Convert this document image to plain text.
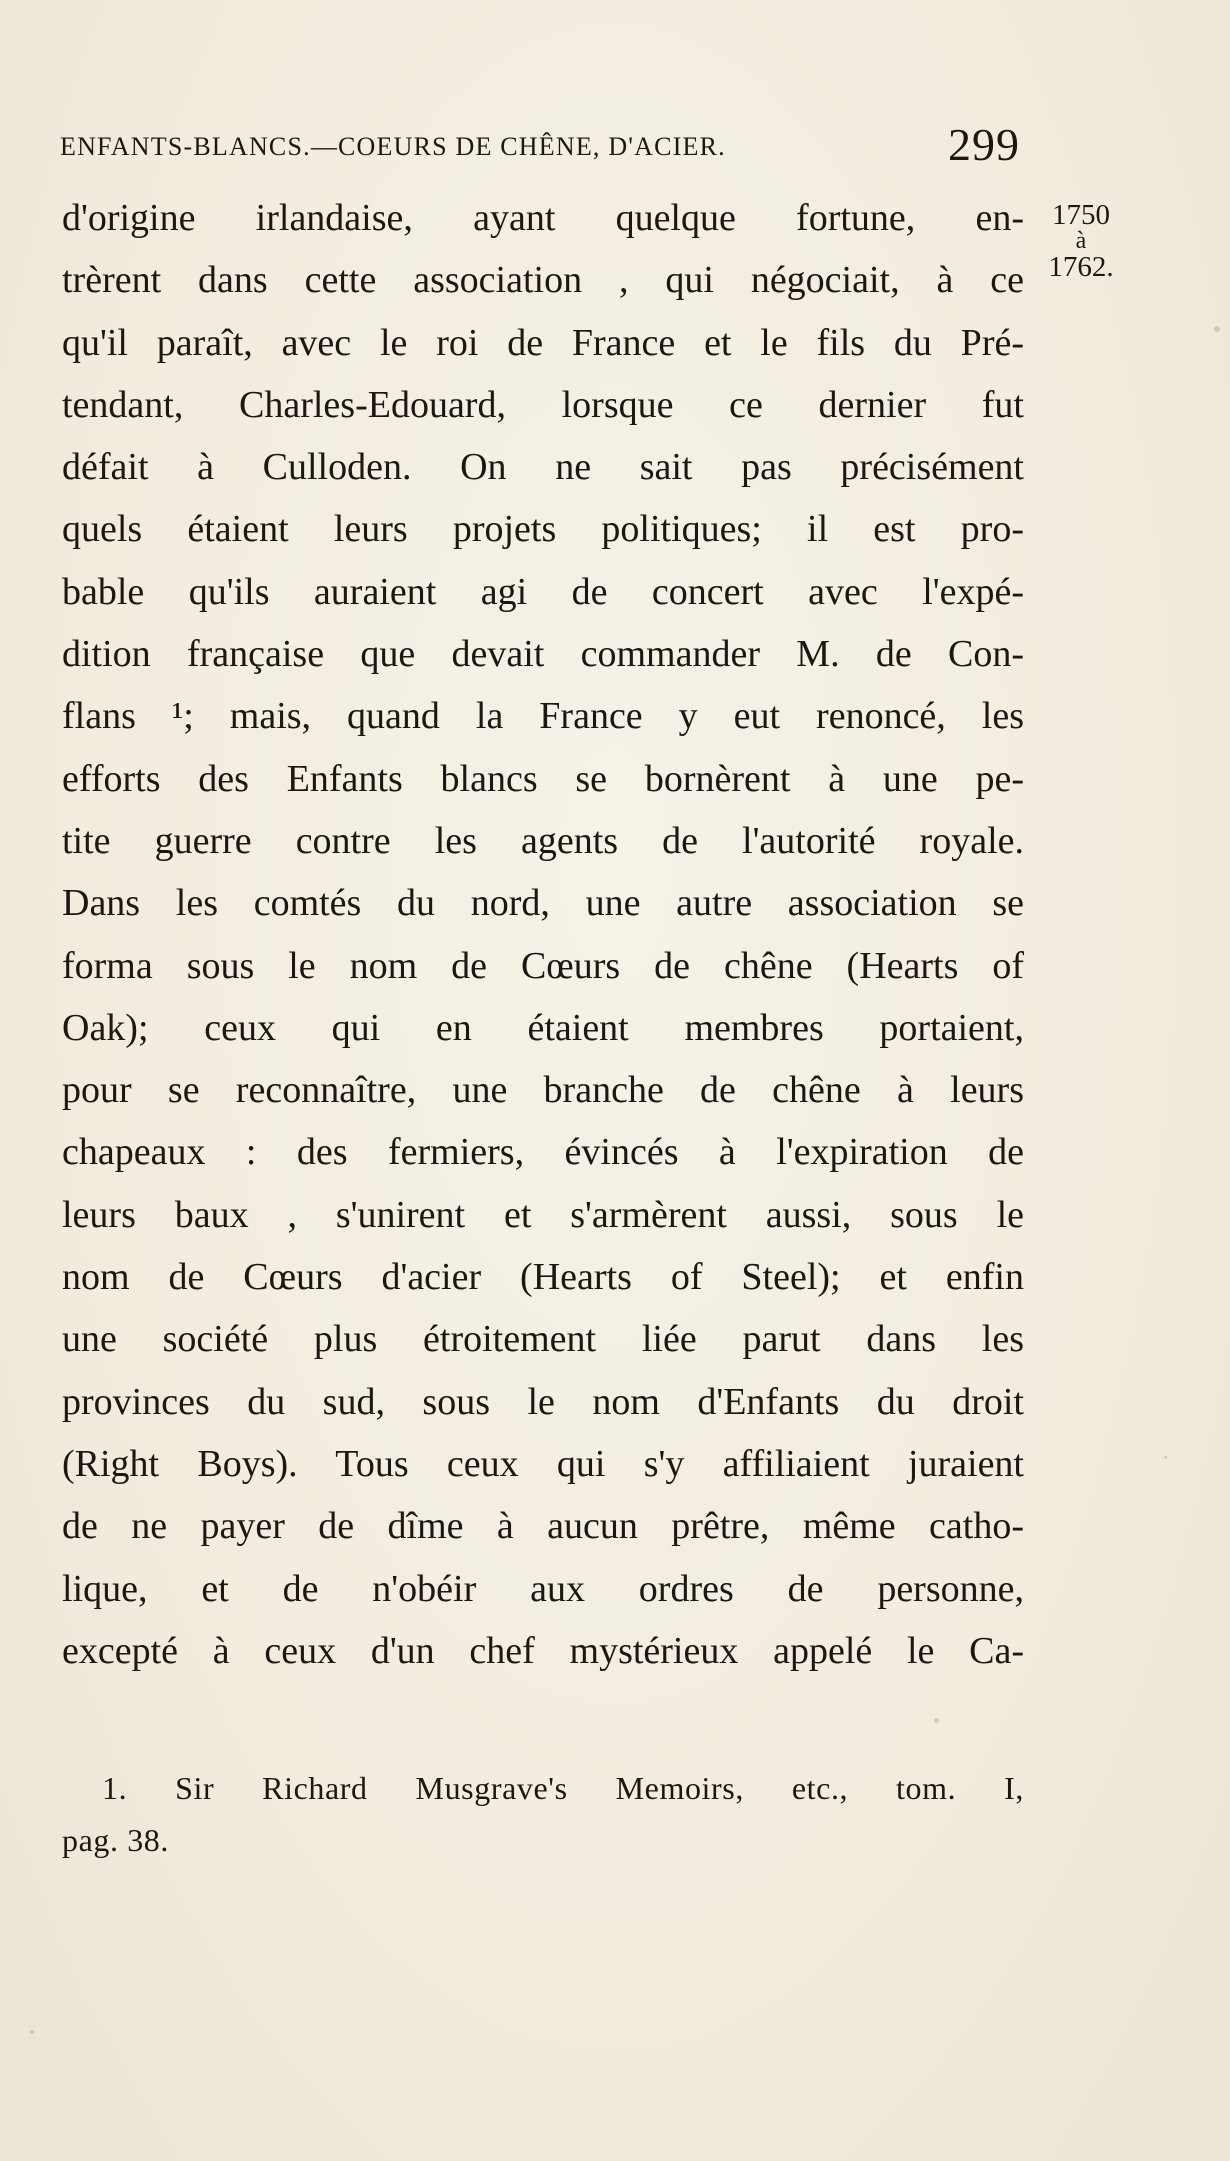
ENFANTS-BLANCS.—COEURS DE CHÊNE, D'ACIER.	299
1750
à
1762.
d'origine irlandaise, ayant quelque fortune, en-
trèrent dans cette association , qui négociait, à ce
qu'il paraît, avec le roi de France et le fils du Pré-
tendant, Charles-Edouard, lorsque ce dernier fut
défait à Culloden. On ne sait pas précisément
quels étaient leurs projets politiques; il est pro-
bable qu'ils auraient agi de concert avec l'expé-
dition française que devait commander M. de Con-
flans ¹; mais, quand la France y eut renoncé, les
efforts des Enfants blancs se bornèrent à une pe-
tite guerre contre les agents de l'autorité royale.
Dans les comtés du nord, une autre association se
forma sous le nom de Cœurs de chêne (Hearts of
Oak); ceux qui en étaient membres portaient,
pour se reconnaître, une branche de chêne à leurs
chapeaux : des fermiers, évincés à l'expiration de
leurs baux , s'unirent et s'armèrent aussi, sous le
nom de Cœurs d'acier (Hearts of Steel); et enfin
une société plus étroitement liée parut dans les
provinces du sud, sous le nom d'Enfants du droit
(Right Boys). Tous ceux qui s'y affiliaient juraient
de ne payer de dîme à aucun prêtre, même catho-
lique, et de n'obéir aux ordres de personne,
excepté à ceux d'un chef mystérieux appelé le Ca-
1. Sir Richard Musgrave's Memoirs, etc., tom. I,
pag. 38.
